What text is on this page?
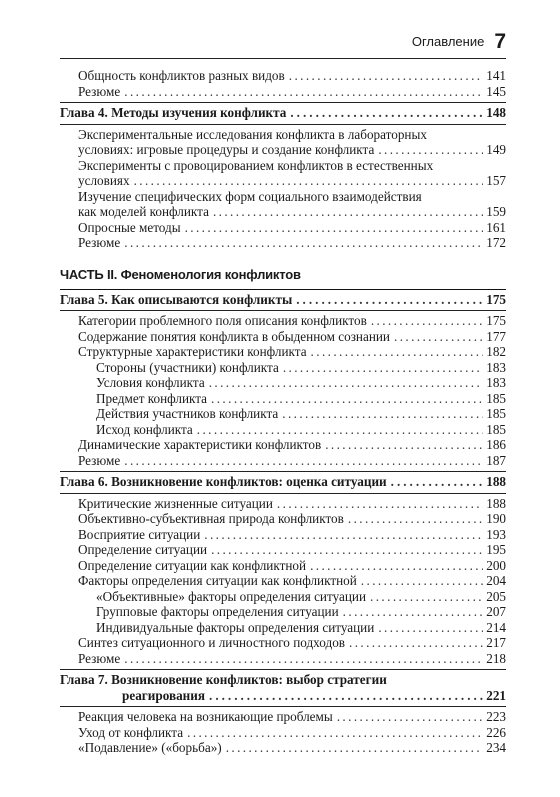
Оглавление 7
Общность конфликтов разных видов .....	141
Резюме .....	145
Глава 4. Методы изучения конфликта .....	148
Экспериментальные исследования конфликта в лабораторных
условиях: игровые процедуры и создание конфликта .....	149
Эксперименты с провоцированием конфликтов в естественных
условиях .....	157
Изучение специфических форм социального взаимодействия
как моделей конфликта .....	159
Опросные методы .....	161
Резюме .....	172
ЧАСТЬ II. Феноменология конфликтов
Глава 5. Как описываются конфликты .....	175
Категории проблемного поля описания конфликтов .....	175
Содержание понятия конфликта в обыденном сознании .....	177
Структурные характеристики конфликта .....	182
Стороны (участники) конфликта .....	183
Условия конфликта .....	183
Предмет конфликта .....	185
Действия участников конфликта .....	185
Исход конфликта .....	185
Динамические характеристики конфликтов .....	186
Резюме .....	187
Глава 6. Возникновение конфликтов: оценка ситуации .....	188
Критические жизненные ситуации .....	188
Объективно-субъективная природа конфликтов .....	190
Восприятие ситуации .....	193
Определение ситуации .....	195
Определение ситуации как конфликтной .....	200
Факторы определения ситуации как конфликтной .....	204
«Объективные» факторы определения ситуации .....	205
Групповые факторы определения ситуации .....	207
Индивидуальные факторы определения ситуации .....	214
Синтез ситуационного и личностного подходов .....	217
Резюме .....	218
Глава 7. Возникновение конфликтов: выбор стратегии
реагирования .....	221
Реакция человека на возникающие проблемы .....	223
Уход от конфликта .....	226
«Подавление» («борьба») .....	234
